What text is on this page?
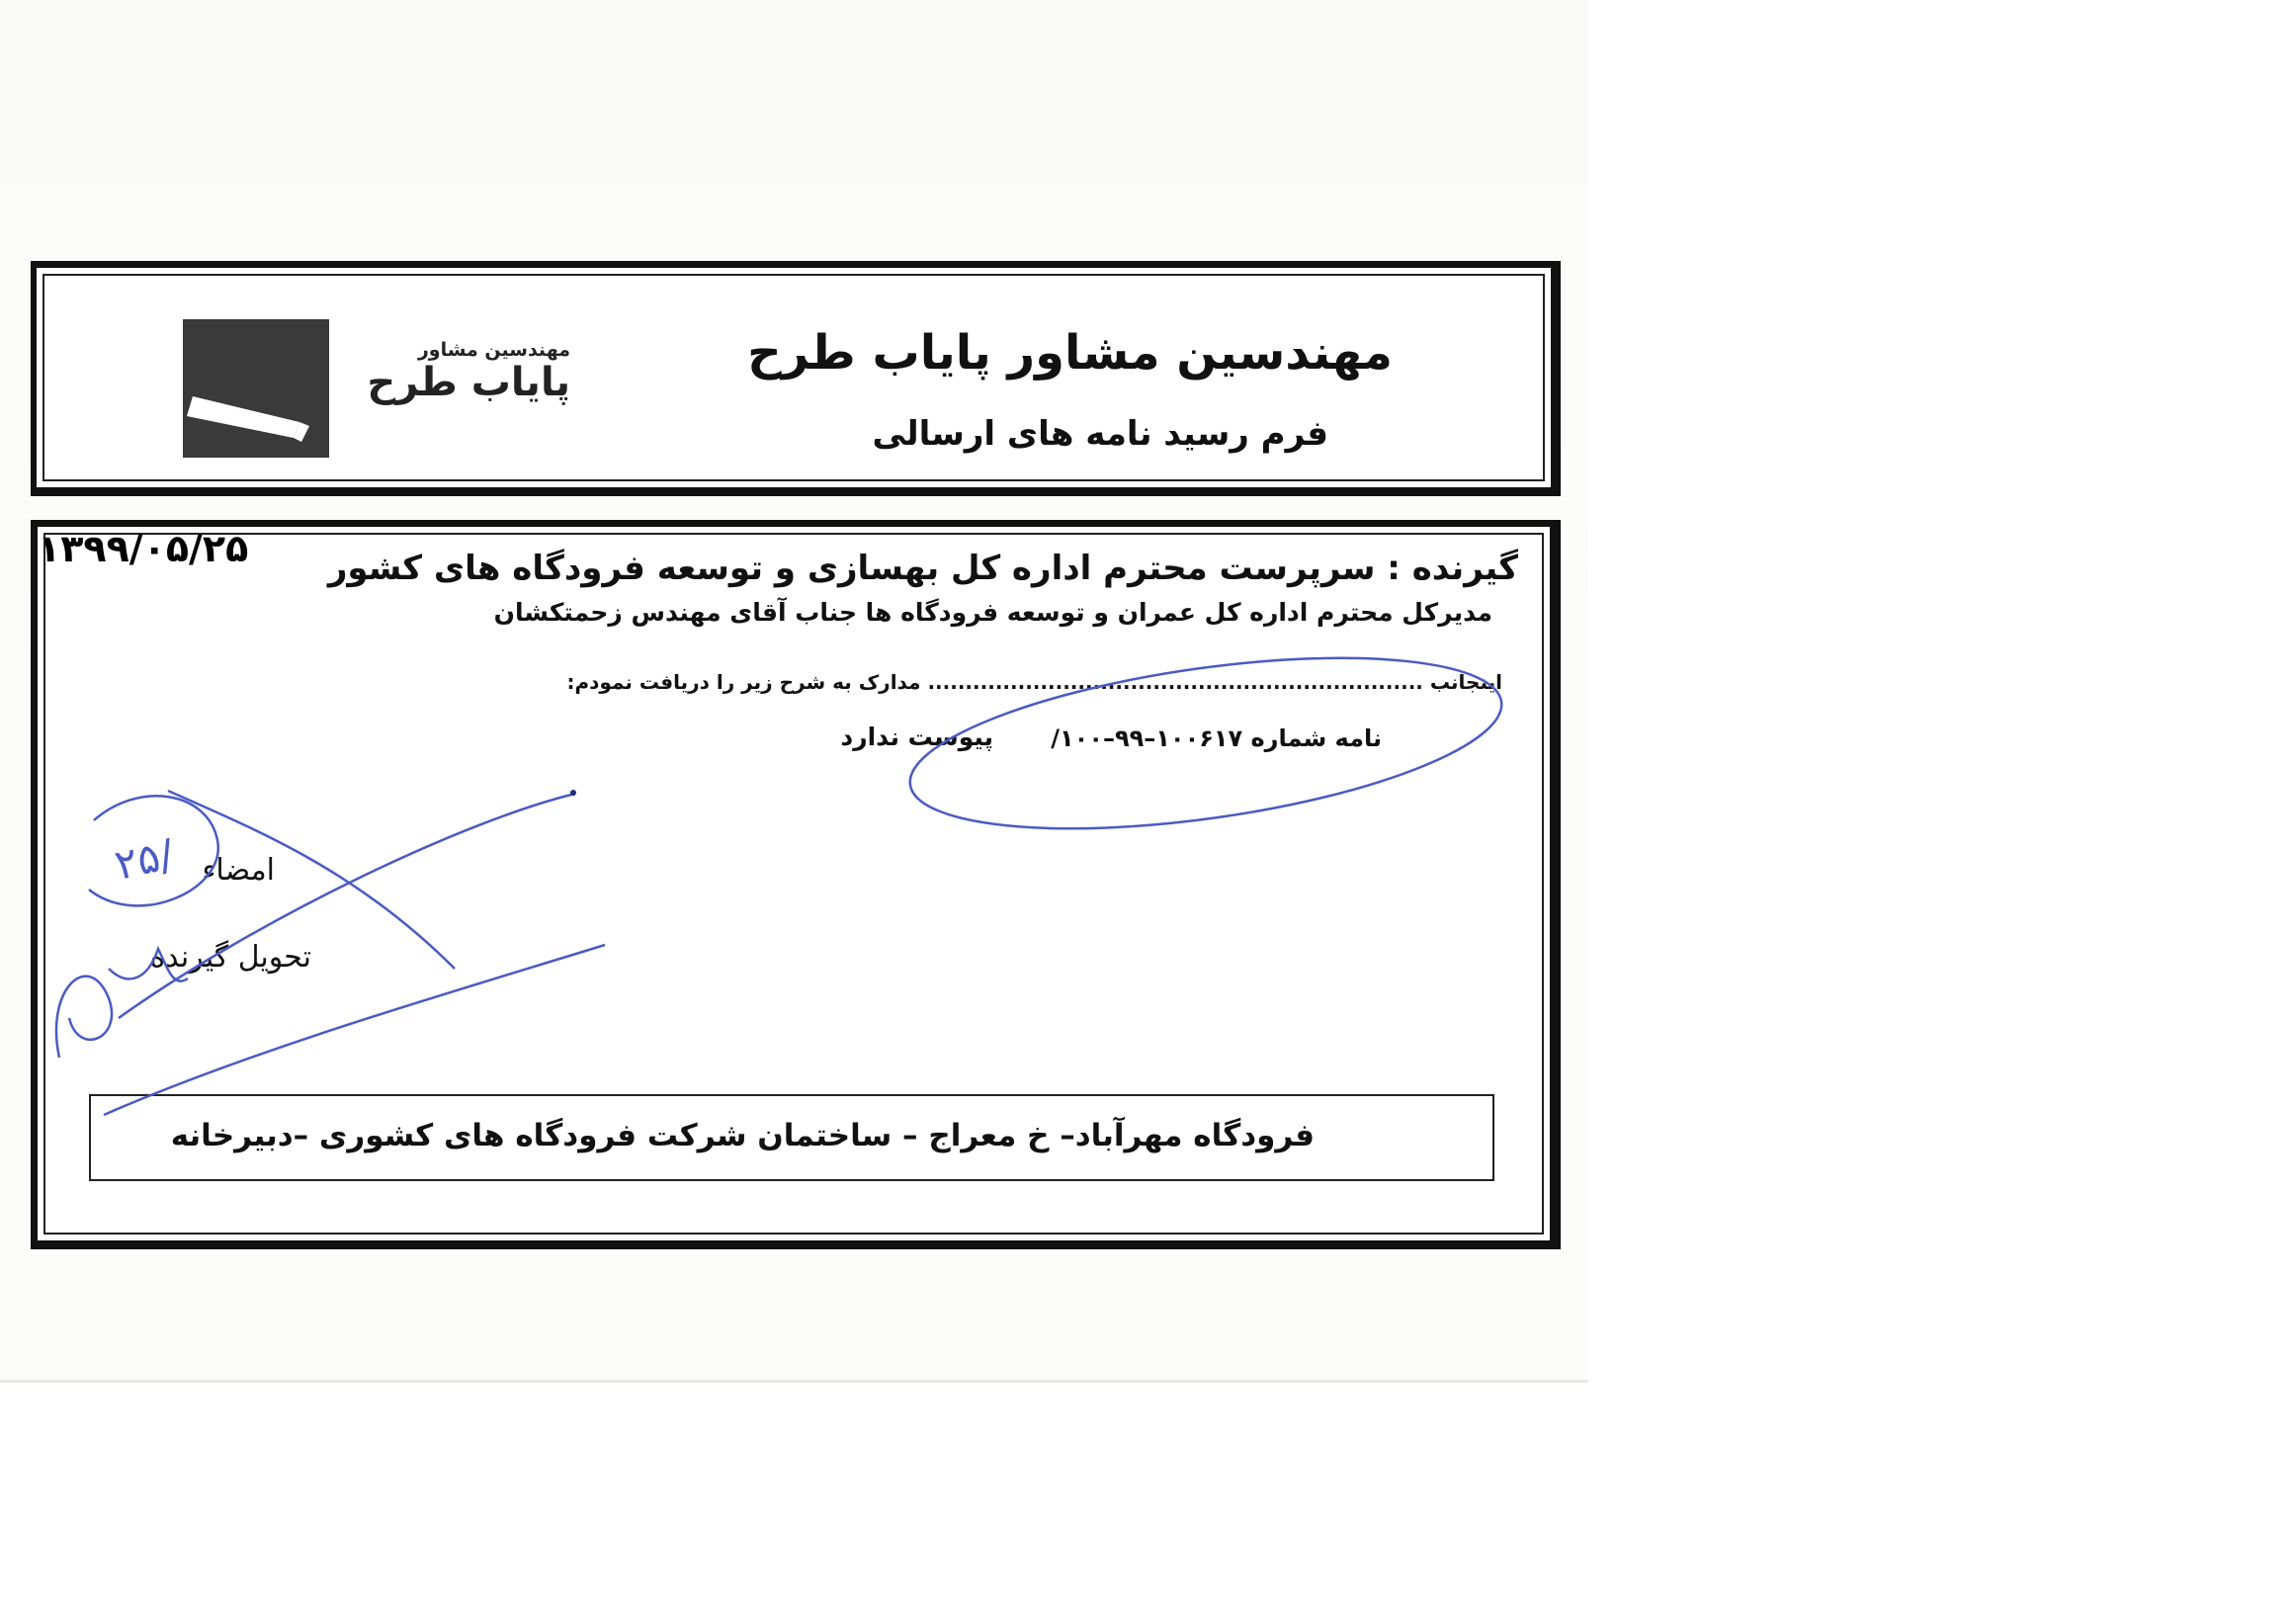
مهندسین مشاور پایاب طرح
فرم رسید نامه های ارسالی
مهندسین مشاور
پایاب طرح
گیرنده : سرپرست محترم اداره کل بهسازی و توسعه فرودگاه های کشور
۱۳۹۹/۰۵/۲۵
مدیرکل محترم اداره کل عمران و توسعه فرودگاه ها جناب آقای مهندس زحمتکشان
اینجانب .................................................................. مدارک به شرح زیر را دریافت نمودم:
نامه شماره ۱۰۰۶۱۷–۹۹–۱۰۰/
پیوست ندارد
امضاء
تحویل گیرنده
فرودگاه مهرآباد– خ معراج – ساختمان شرکت فرودگاه های کشوری –دبیرخانه
۲۵/
